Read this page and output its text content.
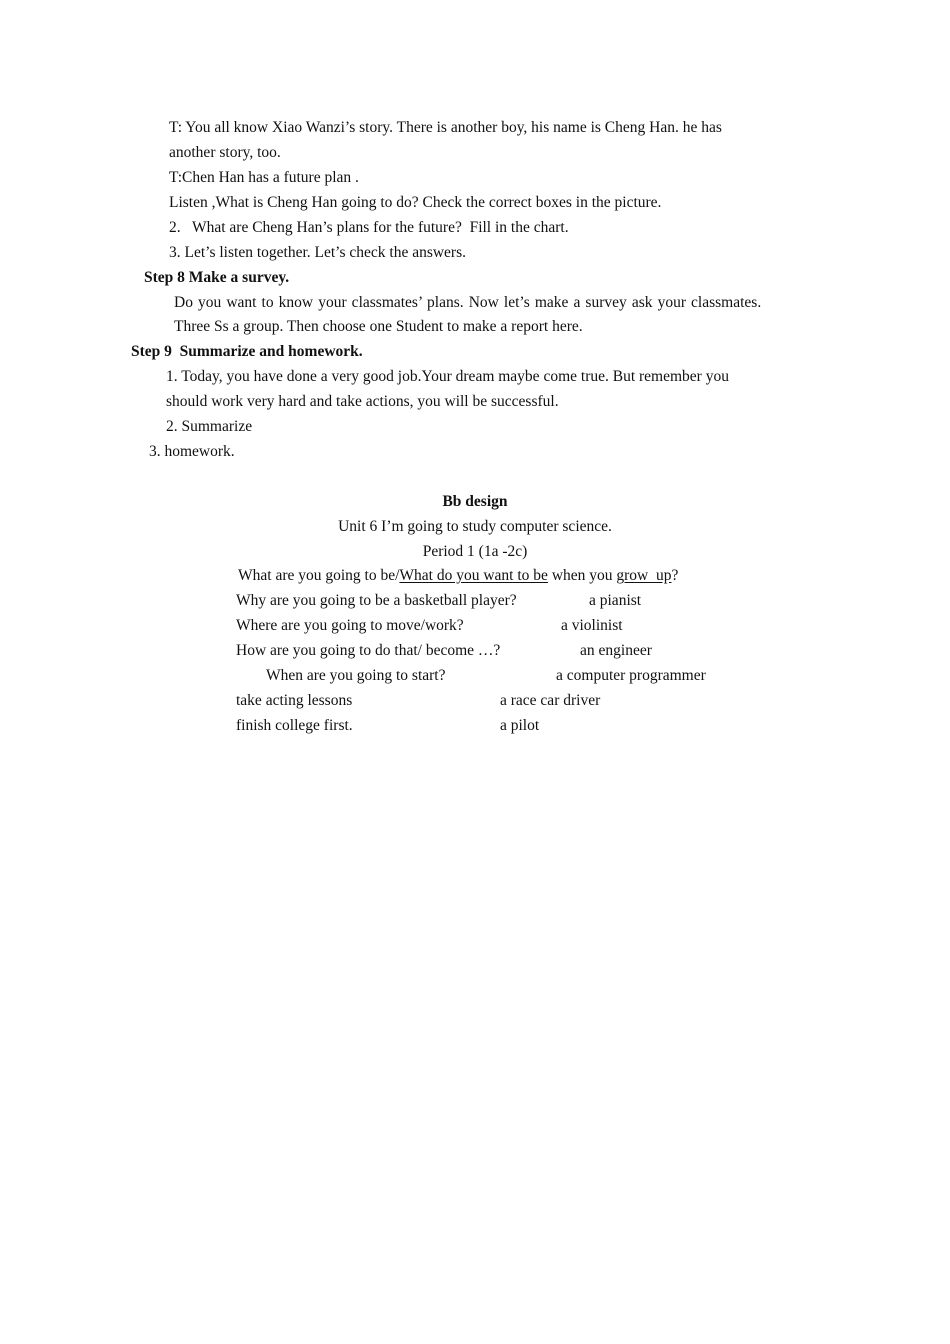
T: You all know Xiao Wanzi’s story. There is another boy, his name is Cheng Han. he has
another story, too.
T:Chen Han has a future plan .
Listen ,What is Cheng Han going to do? Check the correct boxes in the picture.
2.   What are Cheng Han’s plans for the future?  Fill in the chart.
3. Let’s listen together. Let’s check the answers.
Step 8 Make a survey.
Do you want to know your classmates’ plans. Now let’s make a survey ask your classmates.
Three Ss a group. Then choose one Student to make a report here.
Step 9  Summarize and homework.
1. Today, you have done a very good job.Your dream maybe come true. But remember you
should work very hard and take actions, you will be successful.
2. Summarize
3. homework.
Bb design
Unit 6 I’m going to study computer science.
Period 1 (1a -2c)
What are you going to be/What do you want to be when you grow  up?
Why are you going to be a basketball player?
Where are you going to move/work?
How are you going to do that/ become …?
When are you going to start?
take acting lessons
finish college first.
a pianist
a violinist
an engineer
a computer programmer
a race car driver
a pilot
